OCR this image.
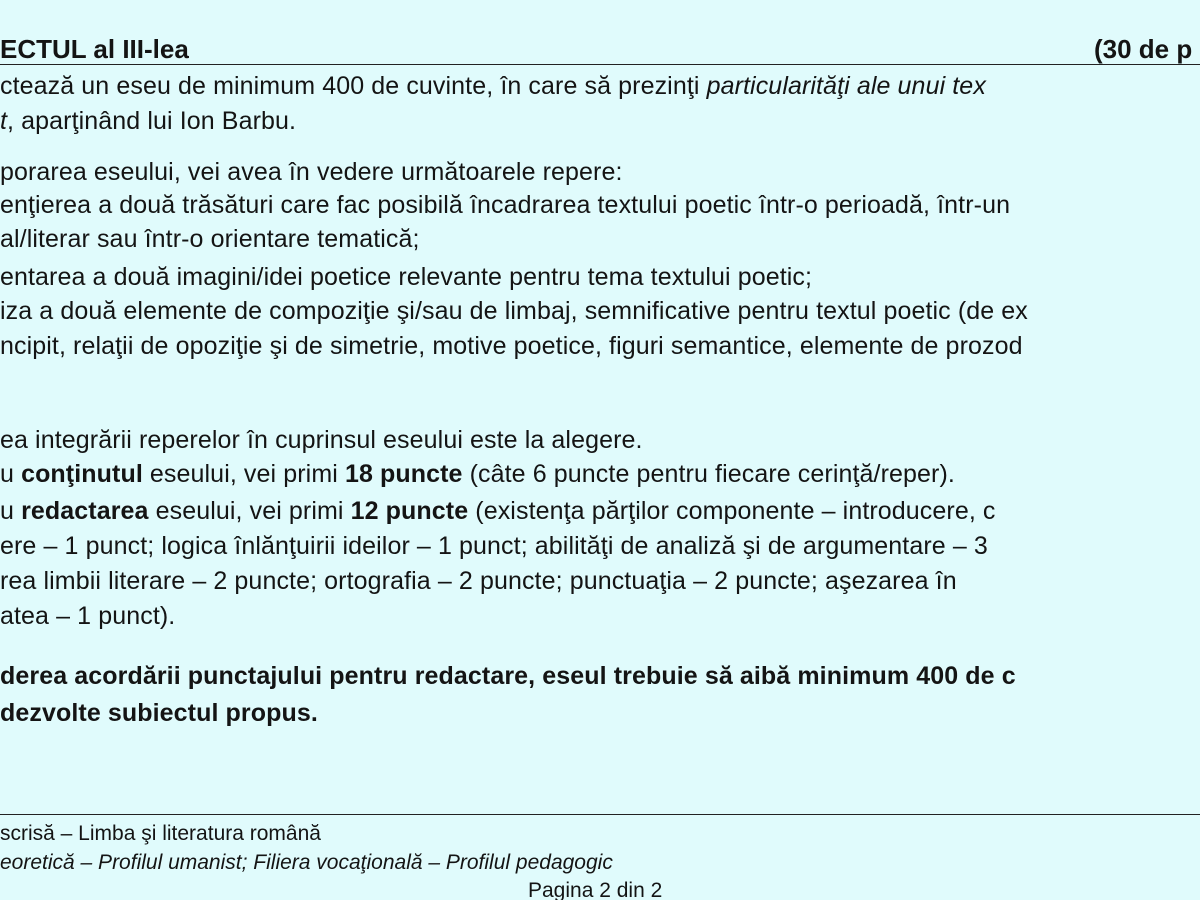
ECTUL al III-lea	(30 de p
ctează un eseu de minimum 400 de cuvinte, în care să prezinţi particularităţi ale unui tex
t, aparţinând lui Ion Barbu.
porarea eseului, vei avea în vedere următoarele repere:
enţierea a două trăsături care fac posibilă încadrarea textului poetic într-o perioadă, într-un
al/literar sau într-o orientare tematică;
entarea a două imagini/idei poetice relevante pentru tema textului poetic;
iza a două elemente de compoziţie şi/sau de limbaj, semnificative pentru textul poetic (de ex
ncipit, relaţii de opoziţie şi de simetrie, motive poetice, figuri semantice, elemente de prozod
ea integrării reperelor în cuprinsul eseului este la alegere.
u conţinutul eseului, vei primi 18 puncte (câte 6 puncte pentru fiecare cerinţă/reper).
u redactarea eseului, vei primi 12 puncte (existenţa părţilor componente – introducere, c
ere – 1 punct; logica înlănţuirii ideilor – 1 punct; abilităţi de analiză şi de argumentare – 3
rea limbii literare – 2 puncte; ortografia – 2 puncte; punctuaţia – 2 puncte; aşezarea în
atea – 1 punct).
derea acordării punctajului pentru redactare, eseul trebuie să aibă minimum 400 de c
dezvolte subiectul propus.
scrisă – Limba şi literatura română
eoretică – Profilul umanist; Filiera vocaţională – Profilul pedagogic
Pagina 2 din 2
